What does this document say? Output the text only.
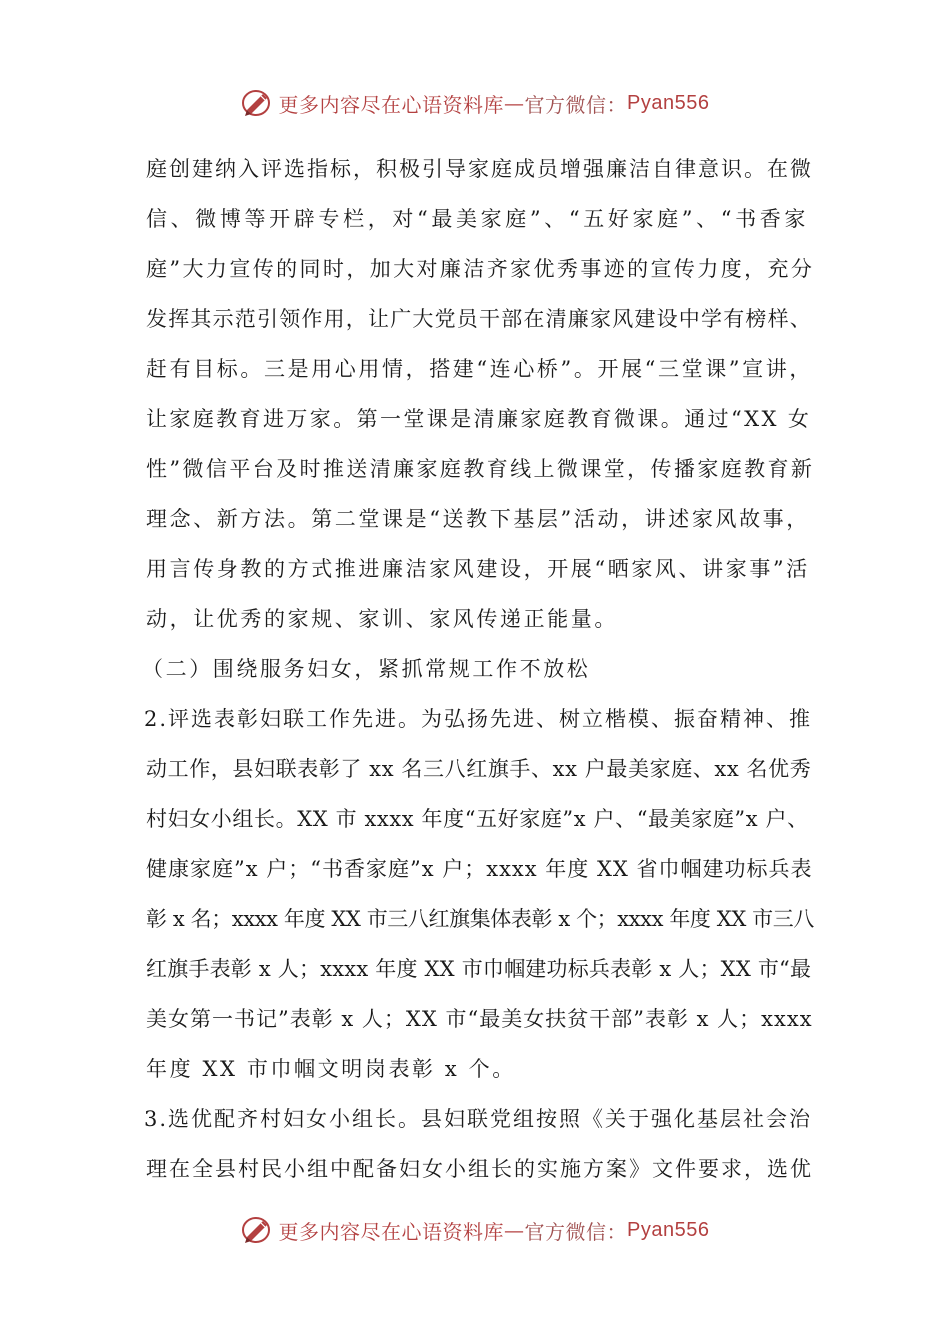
更多内容尽在心语资料库 — 官方微信： Pyan556
庭创建纳入评选指标，积极引导家庭成员增强廉洁自律意识。在微
信、微博等开辟专栏，对“最美家庭”、“五好家庭”、“书香家
庭”大力宣传的同时，加大对廉洁齐家优秀事迹的宣传力度，充分
发挥其示范引领作用，让广大党员干部在清廉家风建设中学有榜样、
赶有目标。三是用心用情，搭建“连心桥”。开展“三堂课”宣讲，
让家庭教育进万家。第一堂课是清廉家庭教育微课。通过“XX 女
性”微信平台及时推送清廉家庭教育线上微课堂，传播家庭教育新
理念、新方法。第二堂课是“送教下基层”活动，讲述家风故事，
用言传身教的方式推进廉洁家风建设，开展“晒家风、讲家事”活
动，让优秀的家规、家训、家风传递正能量。
（二）围绕服务妇女，紧抓常规工作不放松
2.评选表彰妇联工作先进。为弘扬先进、树立楷模、振奋精神、推
动工作，县妇联表彰了 xx 名三八红旗手、xx 户最美家庭、xx 名优秀
村妇女小组长。XX 市 xxxx 年度“五好家庭”x 户、“最美家庭”x 户、
健康家庭”x 户；“书香家庭”x 户；xxxx 年度 XX 省巾帼建功标兵表
彰 x 名；xxxx 年度 XX 市三八红旗集体表彰 x 个；xxxx 年度 XX 市三八
红旗手表彰 x 人；xxxx 年度 XX 市巾帼建功标兵表彰 x 人；XX 市“最
美女第一书记”表彰 x 人；XX 市“最美女扶贫干部”表彰 x 人；xxxx
年度 XX 市巾帼文明岗表彰 x 个。
3.选优配齐村妇女小组长。县妇联党组按照《关于强化基层社会治
理在全县村民小组中配备妇女小组长的实施方案》文件要求，选优
更多内容尽在心语资料库 — 官方微信： Pyan556
